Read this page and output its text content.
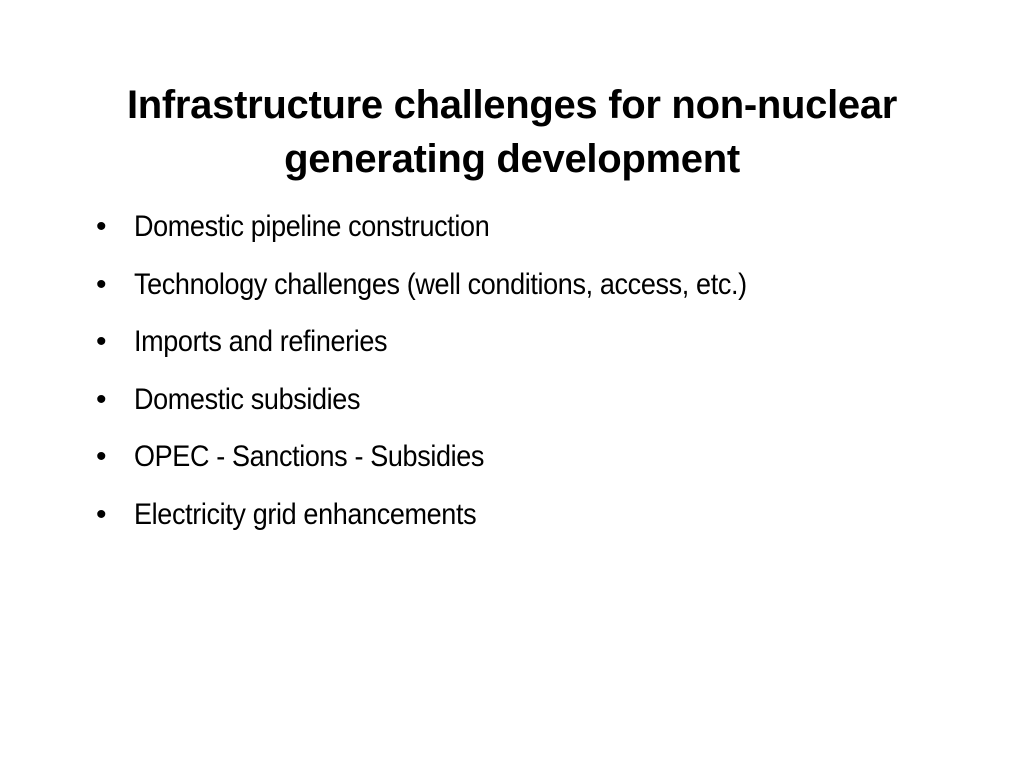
Infrastructure challenges for non-nuclear
generating development
• Domestic pipeline construction
• Technology challenges (well conditions, access, etc.)
• Imports and refineries
• Domestic subsidies
• OPEC - Sanctions - Subsidies
• Electricity grid enhancements
